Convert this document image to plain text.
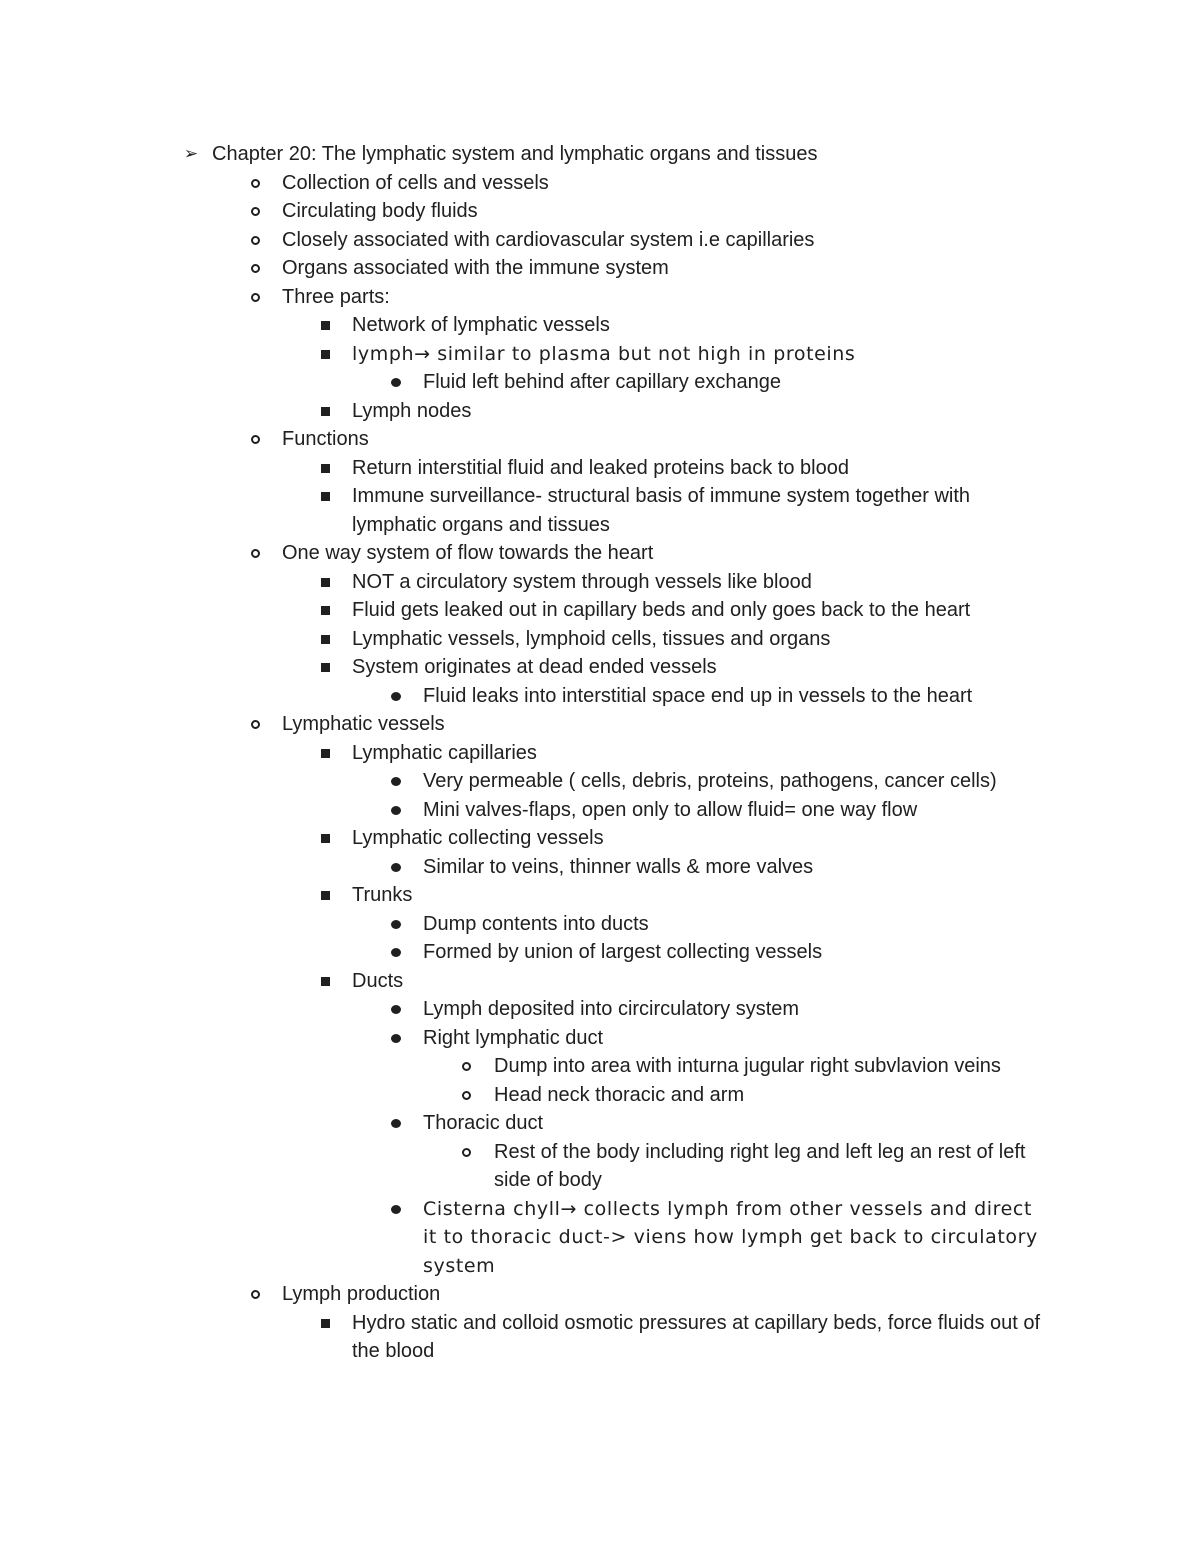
➢ Chapter 20: The lymphatic system and lymphatic organs and tissues
Collection of cells and vessels
Circulating body fluids
Closely associated with cardiovascular system i.e capillaries
Organs associated with the immune system
Three parts:
Network of lymphatic vessels
lymph→ similar to plasma but not high in proteins
Fluid left behind after capillary exchange
Lymph nodes
Functions
Return interstitial fluid and leaked proteins back to blood
Immune surveillance- structural basis of immune system together with lymphatic organs and tissues
One way system of flow towards the heart
NOT a circulatory system through vessels like blood
Fluid gets leaked out in capillary beds and only goes back to the heart
Lymphatic vessels, lymphoid cells, tissues and organs
System originates at dead ended vessels
Fluid leaks into interstitial space end up in vessels to the heart
Lymphatic vessels
Lymphatic capillaries
Very permeable ( cells, debris, proteins, pathogens, cancer cells)
Mini valves-flaps, open only to allow fluid= one way flow
Lymphatic collecting vessels
Similar to veins, thinner walls & more valves
Trunks
Dump contents into ducts
Formed by union of largest collecting vessels
Ducts
Lymph deposited into circirculatory system
Right lymphatic duct
Dump into area with inturna jugular right subvlavion veins
Head neck thoracic and arm
Thoracic duct
Rest of the body including right leg and left leg an rest of left side of body
Cisterna chyll→ collects lymph from other vessels and direct it to thoracic duct-> viens how lymph get back to circulatory system
Lymph production
Hydro static and colloid osmotic pressures at capillary beds, force fluids out of the blood
